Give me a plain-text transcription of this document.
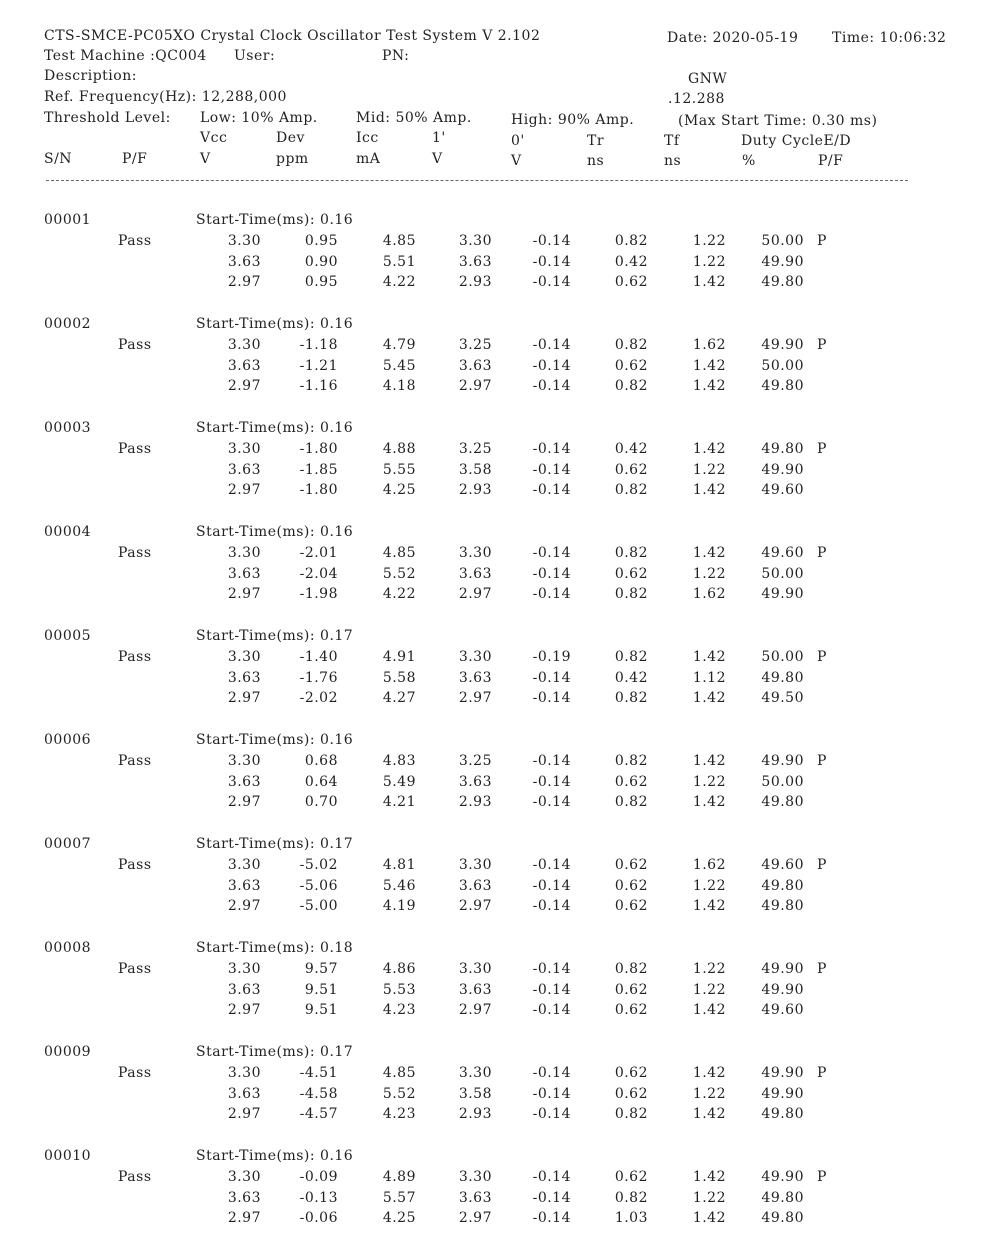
CTS-SMCE-PC05XO Crystal Clock Oscillator Test System V 2.102	Date: 2020-05-19 Time: 10:06:32
Test Machine :QC004 User:	PN:
Description:	GNW
Ref. Frequency(Hz): 12,288,000	.12.288
Threshold Level: Low: 10% Amp.	Mid: 50% Amp.	High: 90% Amp.	(Max Start Time: 0.30 ms)
Vcc	Dev	Icc	1'	0'	Tr	Tf	Duty CycleE/D
S/N	P/F	V	ppm	mA	V	V	ns	ns	%	P/F
00001	Start-Time(ms): 0.16
Pass	3.30	0.95	4.85	3.30	-0.14	0.82	1.22	50.00 P
3.63	0.90	5.51	3.63	-0.14	0.42	1.22	49.90
2.97	0.95	4.22	2.93	-0.14	0.62	1.42	49.80
00002	Start-Time(ms): 0.16
Pass	3.30	-1.18	4.79	3.25	-0.14	0.82	1.62	49.90 P
3.63	-1.21	5.45	3.63	-0.14	0.62	1.42	50.00
2.97	-1.16	4.18	2.97	-0.14	0.82	1.42	49.80
00003	Start-Time(ms): 0.16
Pass	3.30	-1.80	4.88	3.25	-0.14	0.42	1.42	49.80 P
3.63	-1.85	5.55	3.58	-0.14	0.62	1.22	49.90
2.97	-1.80	4.25	2.93	-0.14	0.82	1.42	49.60
00004	Start-Time(ms): 0.16
Pass	3.30	-2.01	4.85	3.30	-0.14	0.82	1.42	49.60 P
3.63	-2.04	5.52	3.63	-0.14	0.62	1.22	50.00
2.97	-1.98	4.22	2.97	-0.14	0.82	1.62	49.90
00005	Start-Time(ms): 0.17
Pass	3.30	-1.40	4.91	3.30	-0.19	0.82	1.42	50.00 P
3.63	-1.76	5.58	3.63	-0.14	0.42	1.12	49.80
2.97	-2.02	4.27	2.97	-0.14	0.82	1.42	49.50
00006	Start-Time(ms): 0.16
Pass	3.30	0.68	4.83	3.25	-0.14	0.82	1.42	49.90 P
3.63	0.64	5.49	3.63	-0.14	0.62	1.22	50.00
2.97	0.70	4.21	2.93	-0.14	0.82	1.42	49.80
00007	Start-Time(ms): 0.17
Pass	3.30	-5.02	4.81	3.30	-0.14	0.62	1.62	49.60 P
3.63	-5.06	5.46	3.63	-0.14	0.62	1.22	49.80
2.97	-5.00	4.19	2.97	-0.14	0.62	1.42	49.80
00008	Start-Time(ms): 0.18
Pass	3.30	9.57	4.86	3.30	-0.14	0.82	1.22	49.90 P
3.63	9.51	5.53	3.63	-0.14	0.62	1.22	49.90
2.97	9.51	4.23	2.97	-0.14	0.62	1.42	49.60
00009	Start-Time(ms): 0.17
Pass	3.30	-4.51	4.85	3.30	-0.14	0.62	1.42	49.90 P
3.63	-4.58	5.52	3.58	-0.14	0.62	1.22	49.90
2.97	-4.57	4.23	2.93	-0.14	0.82	1.42	49.80
00010	Start-Time(ms): 0.16
Pass	3.30	-0.09	4.89	3.30	-0.14	0.62	1.42	49.90 P
3.63	-0.13	5.57	3.63	-0.14	0.82	1.22	49.80
2.97	-0.06	4.25	2.97	-0.14	1.03	1.42	49.80
